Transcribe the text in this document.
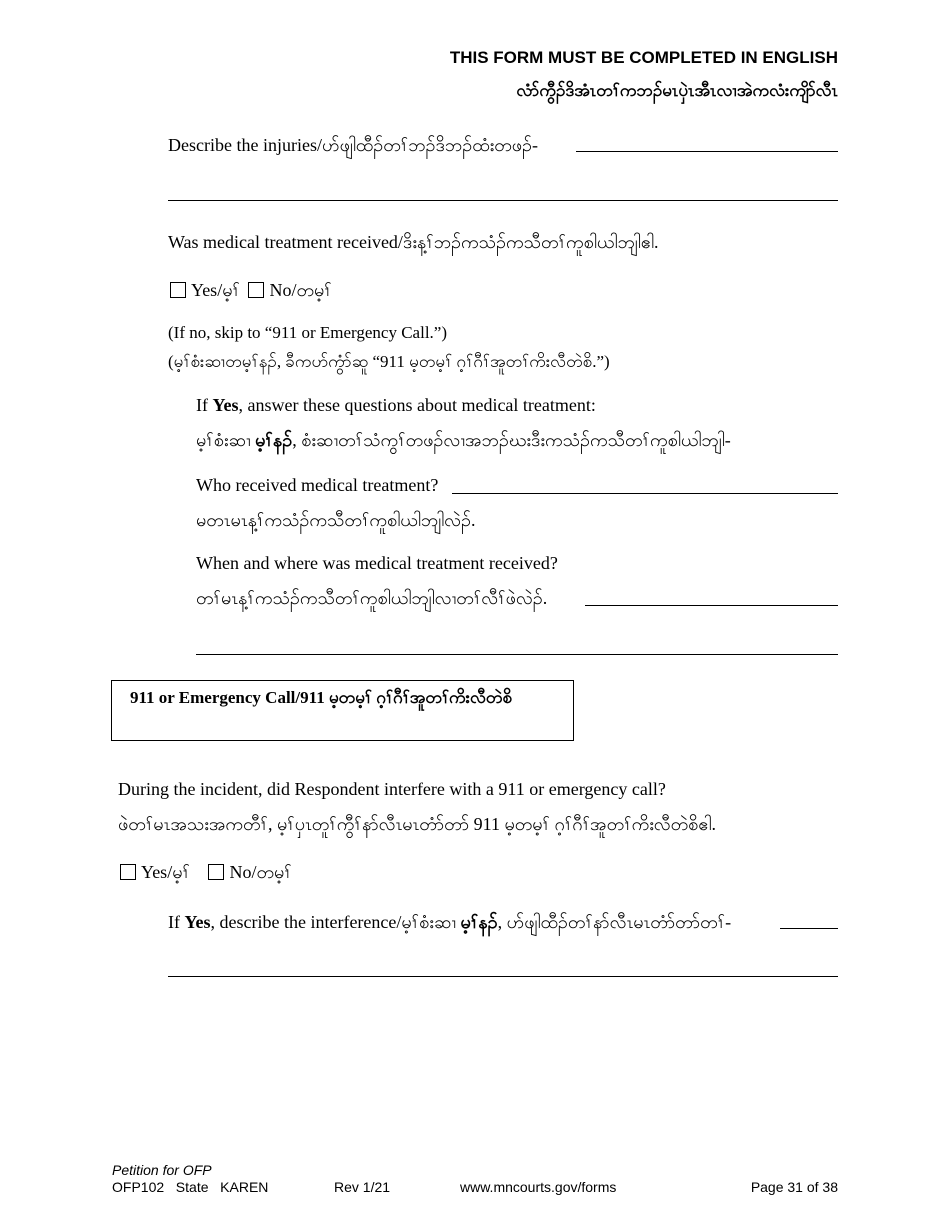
THIS FORM MUST BE COMPLETED IN ENGLISH
လံာ်ကွီၣ်ဒိအံၤတၢ်ကဘၣ်မၤပှဲၤအီၤလၢအဲကလံးကျိာ်လီၤ
Describe the injuries/ဟ်ဖျါထီၣ်တၢ်ဘၣ်ဒိဘၣ်ထံးတဖၣ်-
Was medical treatment received/ဒိးန့ၢ်ဘၣ်ကသံၣ်ကသီတၢ်ကူစါယါဘျါဧါ.
Yes/မ့ၢ် No/တမ့ၢ်
(If no, skip to “911 or Emergency Call.”)
(မ့ၢ်စံးဆၢတမ့ၢ်နၣ်, ခီကဟ်ကွံာ်ဆူ “911 မ့တမ့ၢ် ဂ့ၢ်ဂီၢ်အူတၢ်ကိးလီတဲစိ.”)
If Yes, answer these questions about medical treatment:
မ့ၢ်စံးဆၢ မ့ၢ်နၣ်, စံးဆၢတၢ်သံကွၢ်တဖၣ်လၢအဘၣ်ဃးဒီးကသံၣ်ကသီတၢ်ကူစါယါဘျါ-
Who received medical treatment?
မတၤမၤန့ၢ်ကသံၣ်ကသီတၢ်ကူစါယါဘျါလဲၣ်.
When and where was medical treatment received?
တၢ်မၤန့ၢ်ကသံၣ်ကသီတၢ်ကူစါယါဘျါလၢတၢ်လီၢ်ဖဲလဲၣ်.
911 or Emergency Call/911 မ့တမ့ၢ် ဂ့ၢ်ဂီၢ်အူတၢ်ကိးလီတဲစိ
During the incident, did Respondent interfere with a 911 or emergency call?
ဖဲတၢ်မၤအသးအကတီၢ်, မ့ၢ်ပှၤတူၢ်ကွီၢ်နာ်လီၤမၤတံာ်တာ် 911 မ့တမ့ၢ် ဂ့ၢ်ဂီၢ်အူတၢ်ကိးလီတဲစိဧါ.
Yes/မ့ၢ် No/တမ့ၢ်
If Yes, describe the interference/မ့ၢ်စံးဆၢ မ့ၢ်နၣ်, ဟ်ဖျါထီၣ်တၢ်နာ်လီၤမၤတံာ်တာ်တၢ်-
Petition for OFP
OFP102   State   KAREN	Rev 1/21	www.mncourts.gov/forms	Page 31 of 38
